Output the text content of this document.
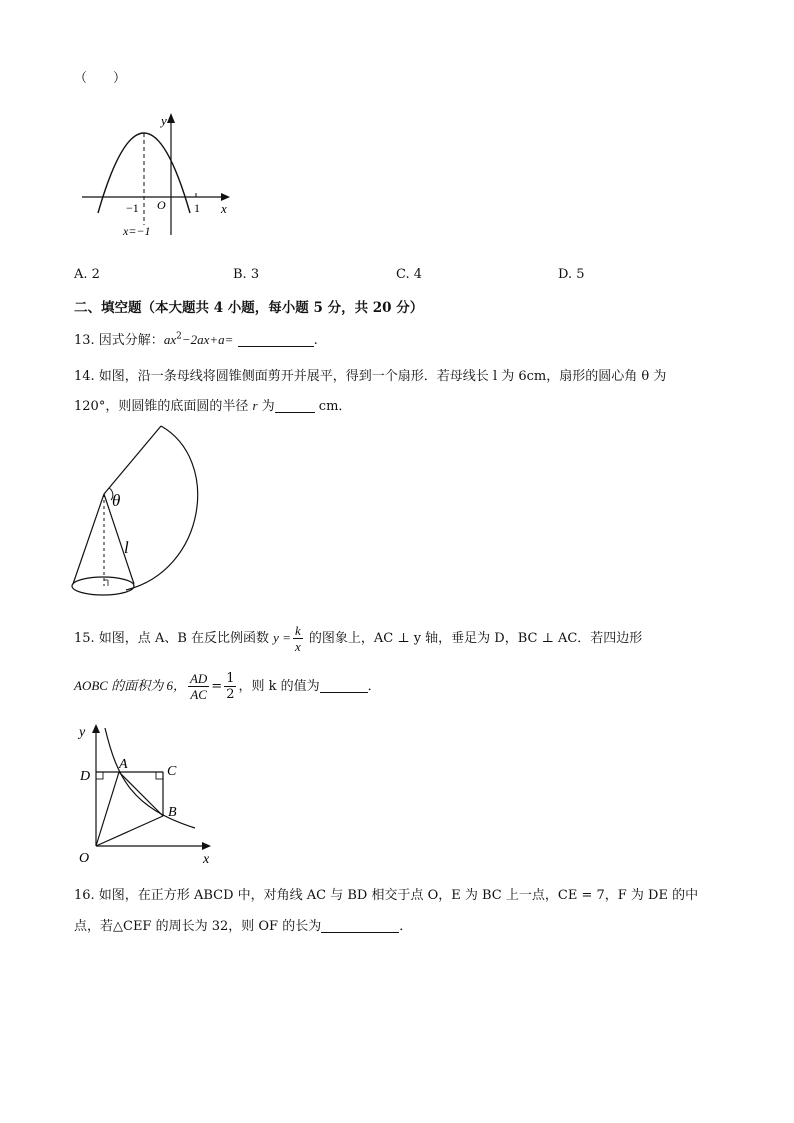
（　　）
y
x
O
−1	1
x=−1
A. 2	B. 3	C. 4	D. 5
二、填空题（本大题共 4 小题，每小题 5 分，共 20 分）
13. 因式分解：$ax^2-2ax+a=$	.
14. 如图，沿一条母线将圆锥侧面剪开并展平，得到一个扇形．若母线长 l 为 6cm，扇形的圆心角 θ 为
120°，则圆锥的底面圆的半径 r 为	cm．
θ
l
15. 如图，点 A、B 在反比例函数 $y = \frac{k}{x}$ 的图象上，AC ⊥ y 轴，垂足为 D，BC ⊥ AC．若四边形
AOBC 的面积为 6， $\frac{AD}{AC} = \frac{1}{2}$ ，则 k 的值为	．
y
x
O
D
A	C
B
16. 如图，在正方形 ABCD 中，对角线 AC 与 BD 相交于点 O，E 为 BC 上一点，CE = 7，F 为 DE 的中
点，若△CEF 的周长为 32，则 OF 的长为	．
